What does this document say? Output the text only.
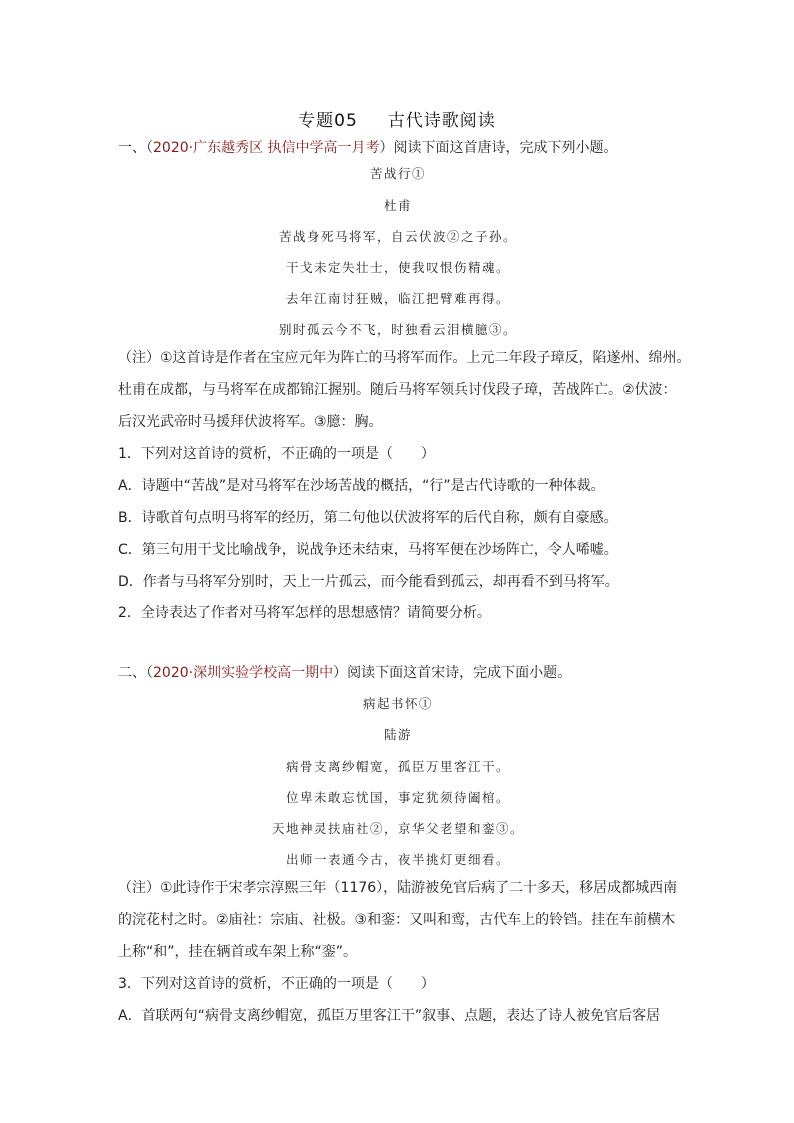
专题05 古代诗歌阅读
一、（2020·广东越秀区 执信中学高一月考）阅读下面这首唐诗，完成下列小题。
苦战行①
杜甫
苦战身死马将军，自云伏波②之子孙。
干戈未定失壮士，使我叹恨伤精魂。
去年江南讨狂贼，临江把臂难再得。
别时孤云今不飞，时独看云泪横臆③。
（注）①这首诗是作者在宝应元年为阵亡的马将军而作。上元二年段子璋反，陷遂州、绵州。
杜甫在成都，与马将军在成都锦江握别。随后马将军领兵讨伐段子璋，苦战阵亡。②伏波：
后汉光武帝时马援拜伏波将军。③臆：胸。
1．下列对这首诗的赏析，不正确的一项是（　　）
A．诗题中“苦战”是对马将军在沙场苦战的概括，“行”是古代诗歌的一种体裁。
B．诗歌首句点明马将军的经历，第二句他以伏波将军的后代自称，颇有自豪感。
C．第三句用干戈比喻战争，说战争还未结束，马将军便在沙场阵亡，令人唏嘘。
D．作者与马将军分别时，天上一片孤云，而今能看到孤云，却再看不到马将军。
2．全诗表达了作者对马将军怎样的思想感情？请简要分析。
二、（2020·深圳实验学校高一期中）阅读下面这首宋诗，完成下面小题。
病起书怀①
陆游
病骨支离纱帽宽，孤臣万里客江干。
位卑未敢忘忧国，事定犹须待阖棺。
天地神灵扶庙社②，京华父老望和銮③。
出师一表通今古，夜半挑灯更细看。
（注）①此诗作于宋孝宗淳熙三年（1176），陆游被免官后病了二十多天，移居成都城西南
的浣花村之时。②庙社：宗庙、社极。③和銮：又叫和鸾，古代车上的铃铛。挂在车前横木
上称“和”，挂在辆首或车架上称“銮”。
3．下列对这首诗的赏析，不正确的一项是（　　）
A．首联两句“病骨支离纱帽宽，孤臣万里客江干”叙事、点题，表达了诗人被免官后客居
